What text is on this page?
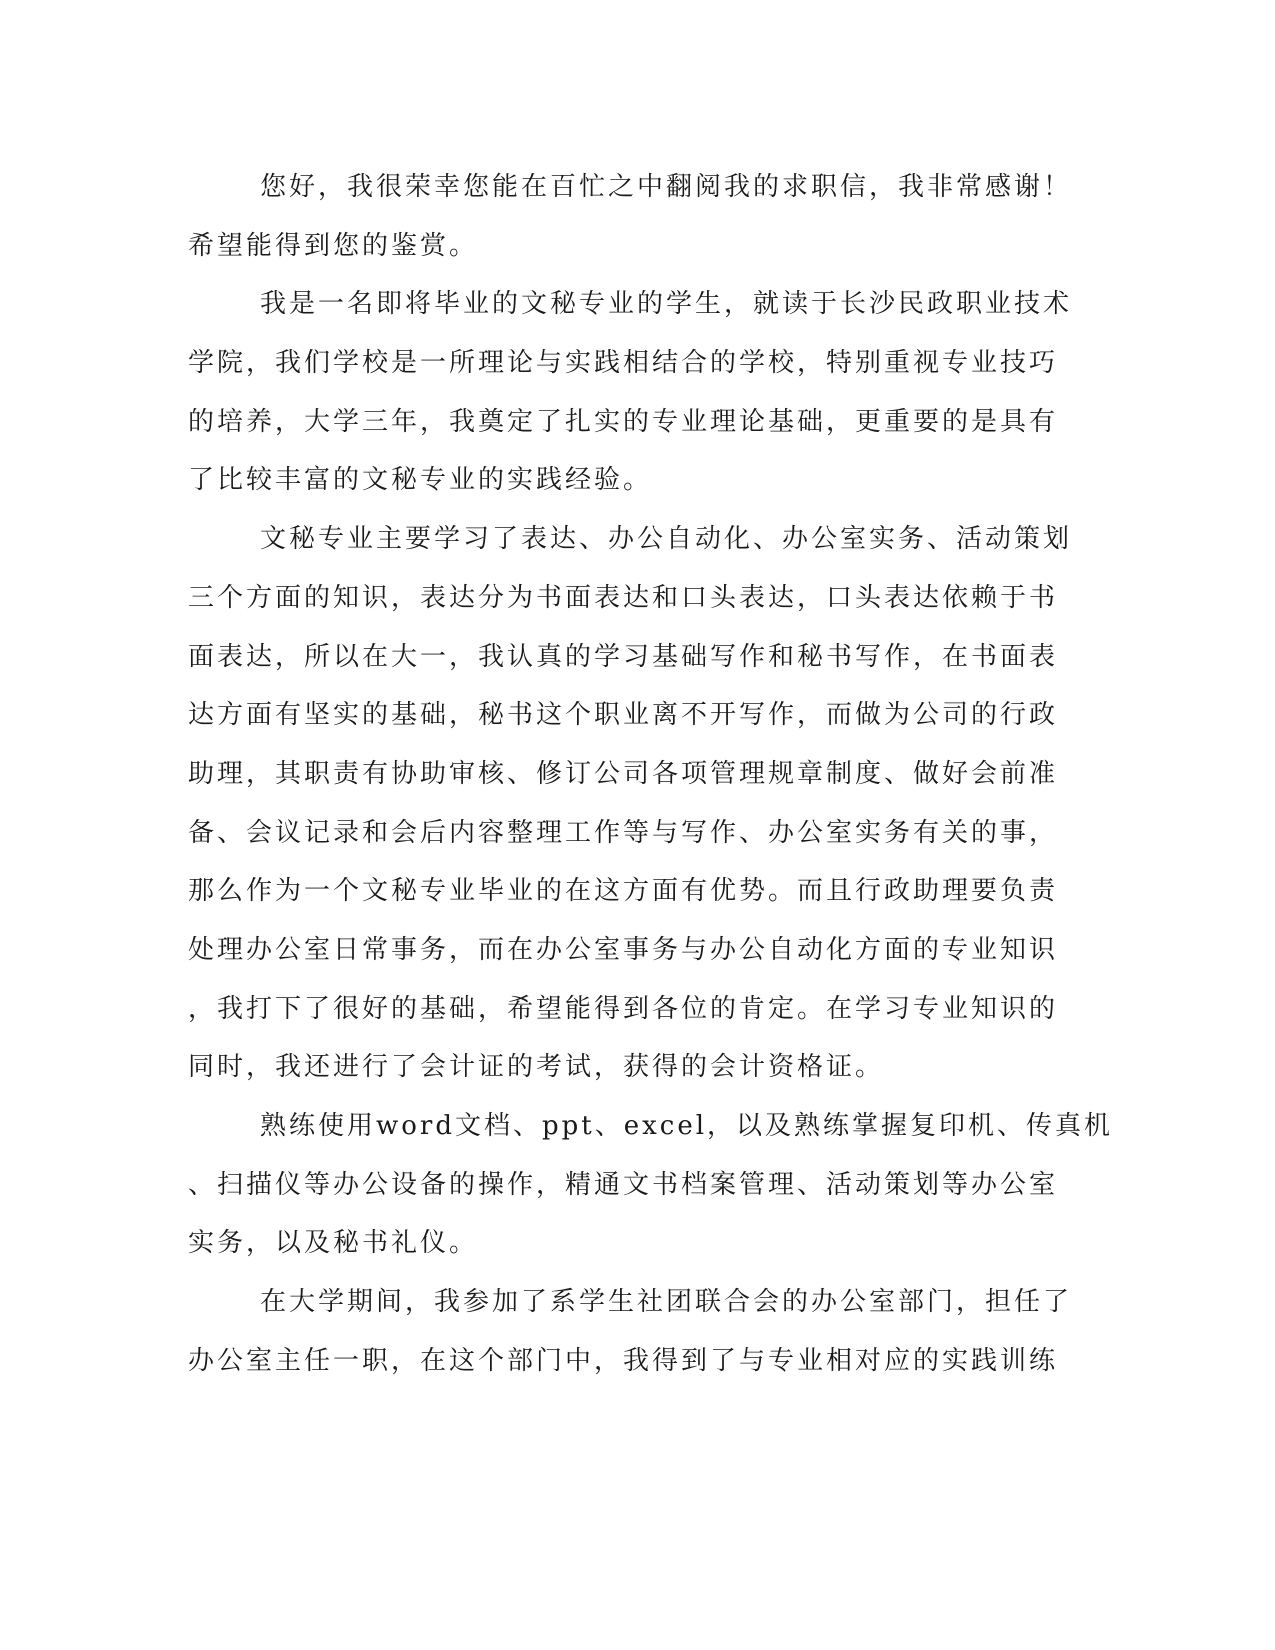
您好，我很荣幸您能在百忙之中翻阅我的求职信，我非常感谢！
希望能得到您的鉴赏。
我是一名即将毕业的文秘专业的学生，就读于长沙民政职业技术
学院，我们学校是一所理论与实践相结合的学校，特别重视专业技巧
的培养，大学三年，我奠定了扎实的专业理论基础，更重要的是具有
了比较丰富的文秘专业的实践经验。
文秘专业主要学习了表达、办公自动化、办公室实务、活动策划
三个方面的知识，表达分为书面表达和口头表达，口头表达依赖于书
面表达，所以在大一，我认真的学习基础写作和秘书写作，在书面表
达方面有坚实的基础，秘书这个职业离不开写作，而做为公司的行政
助理，其职责有协助审核、修订公司各项管理规章制度、做好会前准
备、会议记录和会后内容整理工作等与写作、办公室实务有关的事，
那么作为一个文秘专业毕业的在这方面有优势。而且行政助理要负责
处理办公室日常事务，而在办公室事务与办公自动化方面的专业知识
，我打下了很好的基础，希望能得到各位的肯定。在学习专业知识的
同时，我还进行了会计证的考试，获得的会计资格证。
熟练使用word文档、ppt、excel，以及熟练掌握复印机、传真机
、扫描仪等办公设备的操作，精通文书档案管理、活动策划等办公室
实务，以及秘书礼仪。
在大学期间，我参加了系学生社团联合会的办公室部门，担任了
办公室主任一职，在这个部门中，我得到了与专业相对应的实践训练
